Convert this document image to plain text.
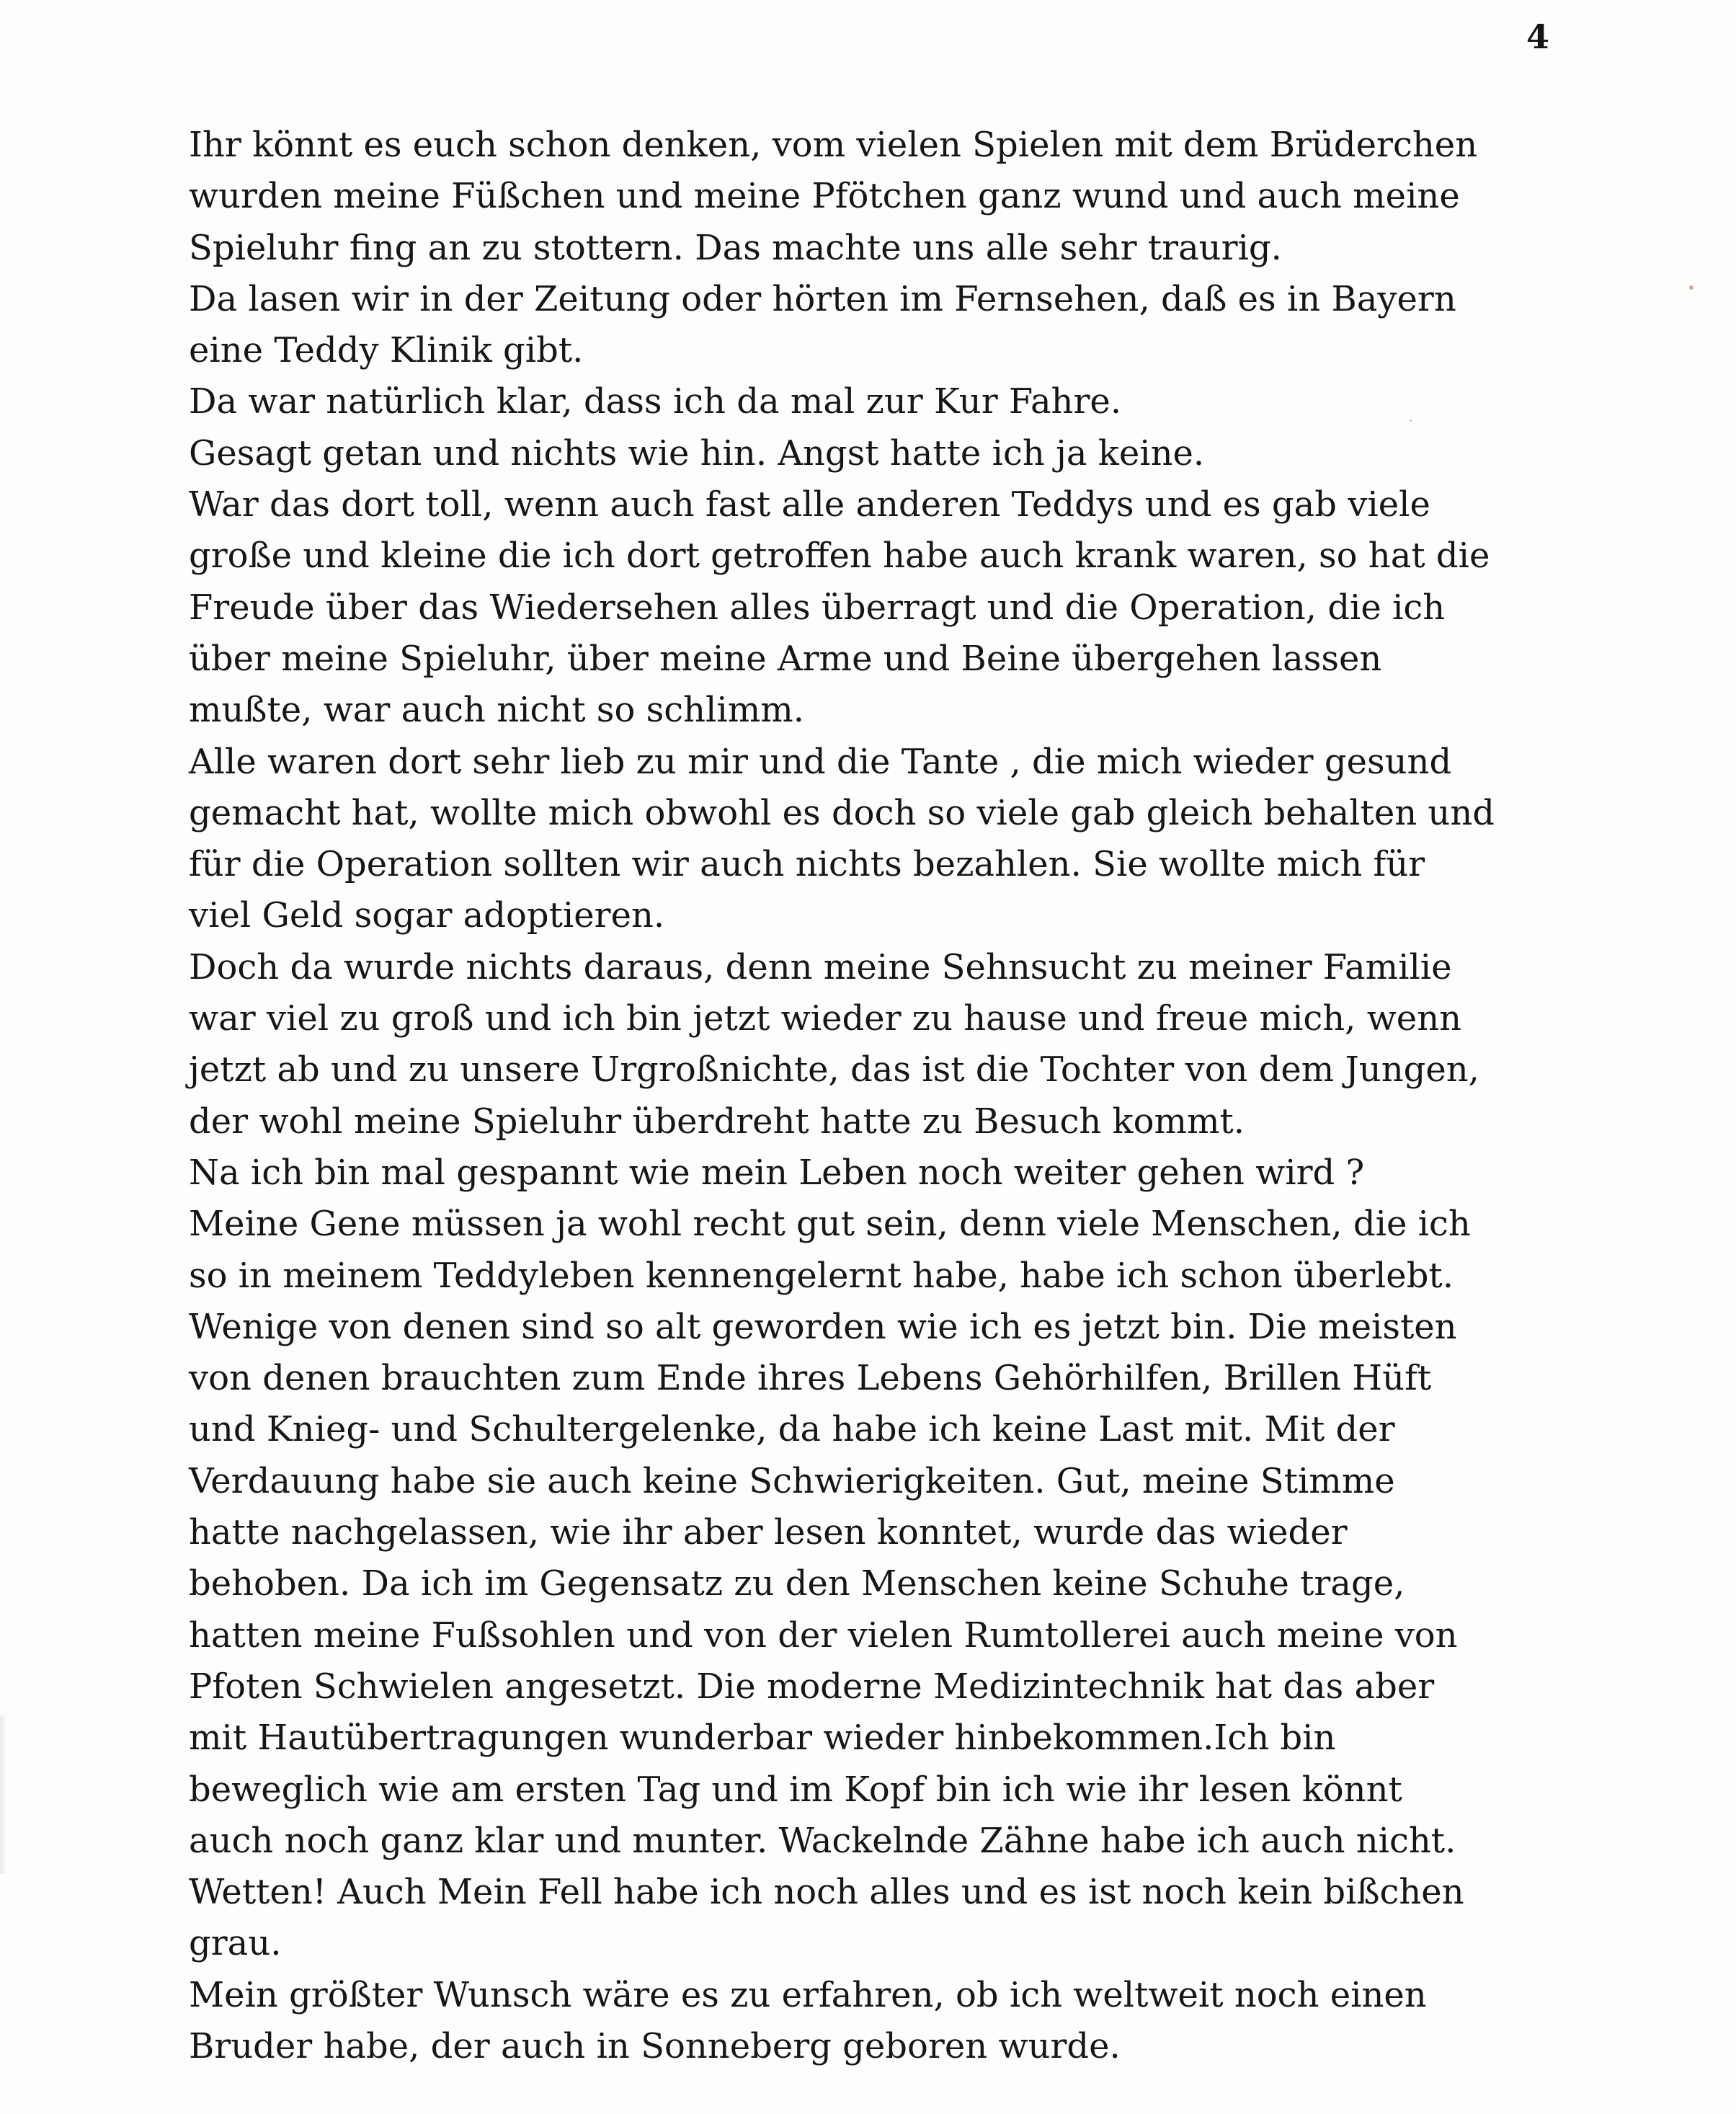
4
Ihr könnt es euch schon denken, vom vielen Spielen mit dem Brüderchen
wurden meine Füßchen und meine Pfötchen ganz wund und auch meine
Spieluhr fing an zu stottern. Das machte uns alle sehr traurig.
Da lasen wir in der Zeitung oder hörten im Fernsehen, daß es in Bayern
eine Teddy Klinik gibt.
Da war natürlich klar, dass ich da mal zur Kur Fahre.
Gesagt getan und nichts wie hin. Angst hatte ich ja keine.
War das dort toll, wenn auch fast alle anderen Teddys und es gab viele
große und kleine die ich dort getroffen habe auch krank waren, so hat die
Freude über das Wiedersehen alles überragt und die Operation, die ich
über meine Spieluhr, über meine Arme und Beine übergehen lassen
mußte, war auch nicht so schlimm.
Alle waren dort sehr lieb zu mir und die Tante , die mich wieder gesund
gemacht hat, wollte mich obwohl es doch so viele gab gleich behalten und
für die Operation sollten wir auch nichts bezahlen. Sie wollte mich für
viel Geld sogar adoptieren.
Doch da wurde nichts daraus, denn meine Sehnsucht zu meiner Familie
war viel zu groß und ich bin jetzt wieder zu hause und freue mich, wenn
jetzt ab und zu unsere Urgroßnichte, das ist die Tochter von dem Jungen,
der wohl meine Spieluhr überdreht hatte zu Besuch kommt.
Na ich bin mal gespannt wie mein Leben noch weiter gehen wird ?
Meine Gene müssen ja wohl recht gut sein, denn viele Menschen, die ich
so in meinem Teddyleben kennengelernt habe, habe ich schon überlebt.
Wenige von denen sind so alt geworden wie ich es jetzt bin. Die meisten
von denen brauchten zum Ende ihres Lebens Gehörhilfen, Brillen Hüft
und Knieg- und Schultergelenke, da habe ich keine Last mit. Mit der
Verdauung habe sie auch keine Schwierigkeiten. Gut, meine Stimme
hatte nachgelassen, wie ihr aber lesen konntet, wurde das wieder
behoben. Da ich im Gegensatz zu den Menschen keine Schuhe trage,
hatten meine Fußsohlen und von der vielen Rumtollerei auch meine von
Pfoten Schwielen angesetzt. Die moderne Medizintechnik hat das aber
mit Hautübertragungen wunderbar wieder hinbekommen.Ich bin
beweglich wie am ersten Tag und im Kopf bin ich wie ihr lesen könnt
auch noch ganz klar und munter. Wackelnde Zähne habe ich auch nicht.
Wetten! Auch Mein Fell habe ich noch alles und es ist noch kein bißchen
grau.
Mein größter Wunsch wäre es zu erfahren, ob ich weltweit noch einen
Bruder habe, der auch in Sonneberg geboren wurde.
